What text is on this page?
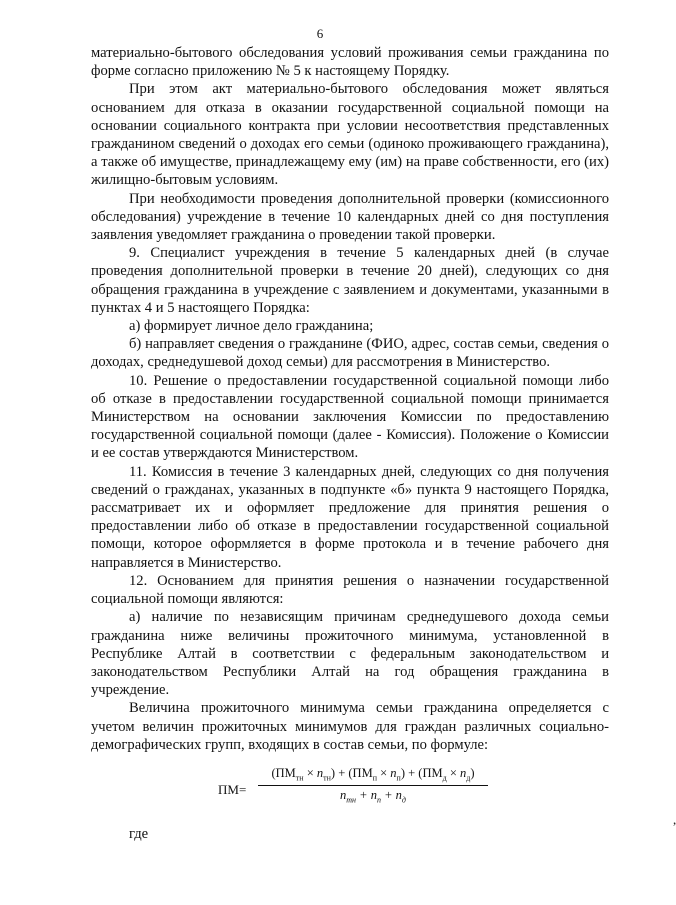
6

материально-бытового обследования условий проживания семьи гражданина по форме согласно приложению № 5 к настоящему Порядку.

При этом акт материально-бытового обследования может являться основанием для отказа в оказании государственной социальной помощи на основании социального контракта при условии несоответствия представленных гражданином сведений о доходах его семьи (одиноко проживающего гражданина), а также об имуществе, принадлежащему ему (им) на праве собственности, его (их) жилищно-бытовым условиям.

При необходимости проведения дополнительной проверки (комиссионного обследования) учреждение в течение 10 календарных дней со дня поступления заявления уведомляет гражданина о проведении такой проверки.

9. Специалист учреждения в течение 5 календарных дней (в случае проведения дополнительной проверки в течение 20 дней), следующих со дня обращения гражданина в учреждение с заявлением и документами, указанными в пунктах 4 и 5 настоящего Порядка:

а) формирует личное дело гражданина;

б) направляет сведения о гражданине (ФИО, адрес, состав семьи, сведения о доходах, среднедушевой доход семьи) для рассмотрения в Министерство.

10. Решение о предоставлении государственной социальной помощи либо об отказе в предоставлении государственной социальной помощи принимается Министерством на основании заключения Комиссии по предоставлению государственной социальной помощи (далее - Комиссия). Положение о Комиссии и ее состав утверждаются Министерством.

11. Комиссия в течение 3 календарных дней, следующих со дня получения сведений о гражданах, указанных в подпункте «б» пункта 9 настоящего Порядка, рассматривает их и оформляет предложение для принятия решения о предоставлении либо об отказе в предоставлении государственной социальной помощи, которое оформляется в форме протокола и в течение рабочего дня направляется в Министерство.

12. Основанием для принятия решения о назначении государственной социальной помощи являются:

а) наличие по независящим причинам среднедушевого дохода семьи гражданина ниже величины прожиточного минимума, установленной в Республике Алтай в соответствии с федеральным законодательством и законодательством Республики Алтай на год обращения гражданина в учреждение.

Величина прожиточного минимума семьи гражданина определяется с учетом величин прожиточных минимумов для граждан различных социально-демографических групп, входящих в состав семьи, по формуле:

ПМ=
$(ПМ_{тн} \times n_{тн}) + (ПМ_п \times n_п) + (ПМ_д \times n_д)$
$n_{тн} + n_п + n_д$
,
где
